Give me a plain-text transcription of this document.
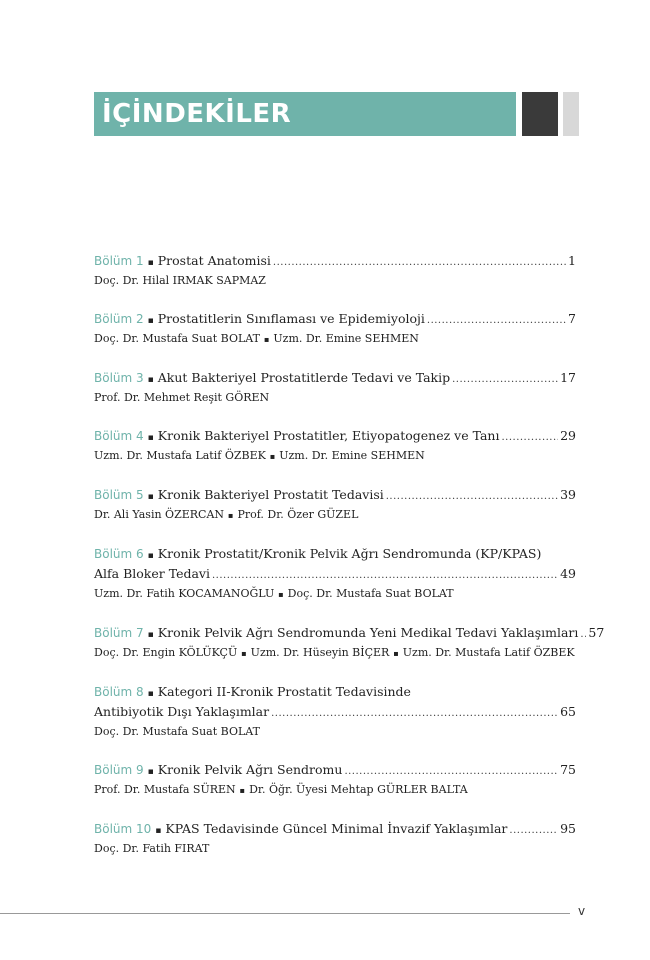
İÇİNDEKİLER
Bölüm 1 ▪ Prostat Anatomisi .....	1
Doç. Dr. Hilal IRMAK SAPMAZ
Bölüm 2 ▪ Prostatitlerin Sınıflaması ve Epidemiyoloji .....	7
Doç. Dr. Mustafa Suat BOLAT ▪ Uzm. Dr. Emine SEHMEN
Bölüm 3 ▪ Akut Bakteriyel Prostatitlerde Tedavi ve Takip .....	17
Prof. Dr. Mehmet Reşit GÖREN
Bölüm 4 ▪ Kronik Bakteriyel Prostatitler, Etiyopatogenez ve Tanı .....	29
Uzm. Dr. Mustafa Latif ÖZBEK ▪ Uzm. Dr. Emine SEHMEN
Bölüm 5 ▪ Kronik Bakteriyel Prostatit Tedavisi .....	39
Dr. Ali Yasin ÖZERCAN ▪ Prof. Dr. Özer GÜZEL
Bölüm 6 ▪ Kronik Prostatit/Kronik Pelvik Ağrı Sendromunda (KP/KPAS)
Alfa Bloker Tedavi .....	49
Uzm. Dr. Fatih KOCAMANOĞLU ▪ Doç. Dr. Mustafa Suat BOLAT
Bölüm 7 ▪ Kronik Pelvik Ağrı Sendromunda Yeni Medikal Tedavi Yaklaşımları ..... 57
Doç. Dr. Engin KÖLÜKÇÜ ▪ Uzm. Dr. Hüseyin BİÇER ▪ Uzm. Dr. Mustafa Latif ÖZBEK
Bölüm 8 ▪ Kategori II-Kronik Prostatit Tedavisinde
Antibiyotik Dışı Yaklaşımlar .....	65
Doç. Dr. Mustafa Suat BOLAT
Bölüm 9 ▪ Kronik Pelvik Ağrı Sendromu .....	75
Prof. Dr. Mustafa SÜREN ▪ Dr. Öğr. Üyesi Mehtap GÜRLER BALTA
Bölüm 10 ▪ KPAS Tedavisinde Güncel Minimal İnvazif Yaklaşımlar .....	95
Doç. Dr. Fatih FIRAT
v
